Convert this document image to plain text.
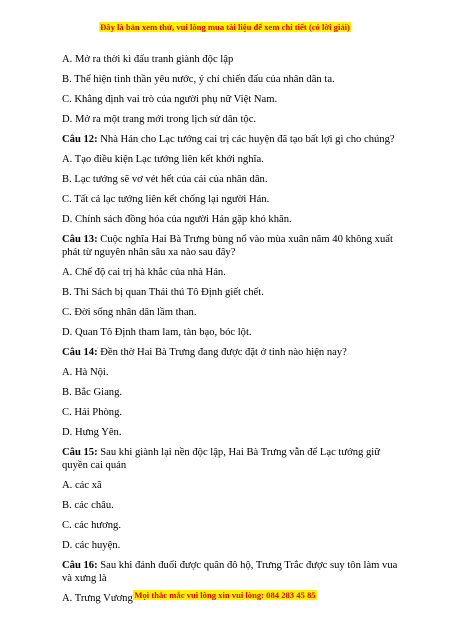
Đây là bản xem thử, vui lòng mua tài liệu để xem chi tiết (có lời giải)
A. Mở ra thời kì đấu tranh giành độc lập
B. Thể hiện tinh thần yêu nước, ý chí chiến đấu của nhân dân ta.
C. Khẳng định vai trò của người phụ nữ Việt Nam.
D. Mở ra một trang mới trong lịch sử dân tộc.
Câu 12: Nhà Hán cho Lạc tướng cai trị các huyện đã tạo bất lợi gì cho chúng?
A. Tạo điều kiện Lạc tướng liên kết khởi nghĩa.
B. Lạc tướng sẽ vơ vét hết của cải của nhân dân.
C. Tất cả lạc tướng liên kết chống lại người Hán.
D. Chính sách đồng hóa của người Hán gặp khó khăn.
Câu 13: Cuộc nghĩa Hai Bà Trưng bùng nổ vào mùa xuân năm 40 không xuất
phát từ nguyên nhân sâu xa nào sau đây?
A. Chế độ cai trị hà khắc của nhà Hán.
B. Thi Sách bị quan Thái thú Tô Định giết chết.
C. Đời sống nhân dân lầm than.
D. Quan Tô Định tham lam, tàn bạo, bóc lột.
Câu 14: Đền thờ Hai Bà Trưng đang được đặt ở tỉnh nào hiện nay?
A. Hà Nội.
B. Bắc Giang.
C. Hải Phòng.
D. Hưng Yên.
Câu 15: Sau khi giành lại nền độc lập, Hai Bà Trưng vẫn để Lạc tướng giữ
quyền cai quản
A. các xã
B. các châu.
C. các hương.
D. các huyện.
Câu 16: Sau khi đánh đuổi được quân đô hộ, Trưng Trắc được suy tôn làm vua
và xưng là
A. Trưng Vương Mọi thắc mắc vui lòng xin vui lòng: 084 283 45 85
